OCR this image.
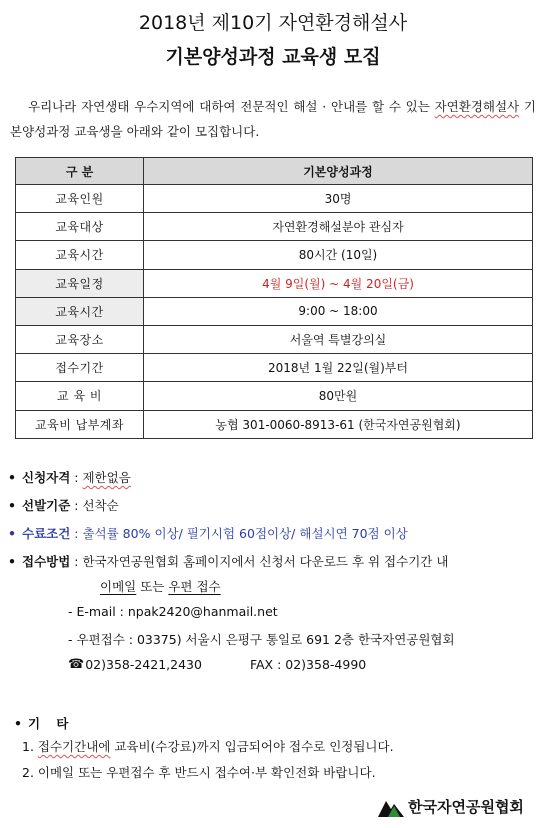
2018년 제10기 자연환경해설사
기본양성과정 교육생 모집

우리나라 자연생태 우수지역에 대하여 전문적인 해설 · 안내를 할 수 있는 자연환경해설사 기본양성과정 교육생을 아래와 같이 모집합니다.

구 분	기본양성과정
교육인원	30명
교육대상	자연환경해설분야 관심자
교육시간	80시간 (10일)
교육일정	4월 9일(월) ~ 4월 20일(금)
교육시간	9:00 ~ 18:00
교육장소	서울역 특별강의실
접수기간	2018년 1월 22일(월)부터
교 육 비	80만원
교육비 납부계좌	농협 301-0060-8913-61 (한국자연공원협회)
• 신청자격 : 제한없음
• 선발기준 : 선착순
• 수료조건 : 출석률 80% 이상/ 필기시험 60점이상/ 해설시연 70점 이상
• 접수방법 : 한국자연공원협회 홈페이지에서 신청서 다운로드 후 위 접수기간 내
이메일 또는 우편 접수
- E-mail : npak2420@hanmail.net
- 우편접수 : 03375) 서울시 은평구 통일로 691 2층 한국자연공원협회
☎ 02)358-2421,2430	FAX : 02)358-4990
• 기 타
1. 접수기간내에 교육비(수강료)까지 입금되어야 접수로 인정됩니다.
2. 이메일 또는 우편접수 후 반드시 접수여·부 확인전화 바랍니다.
한국자연공원협회
